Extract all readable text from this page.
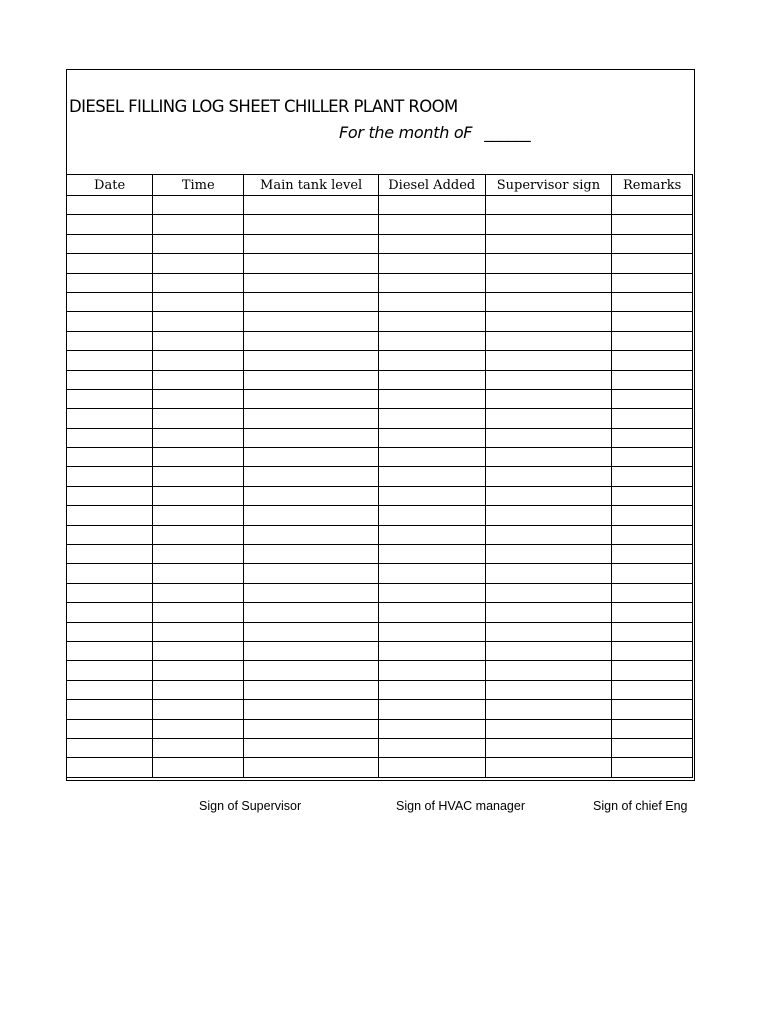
DIESEL FILLING LOG SHEET CHILLER PLANT ROOM
For the month oF ______
Date	Time	Main tank level	Diesel Added	Supervisor sign	Remarks

Sign of Supervisor	Sign of HVAC manager	Sign of chief Eng
